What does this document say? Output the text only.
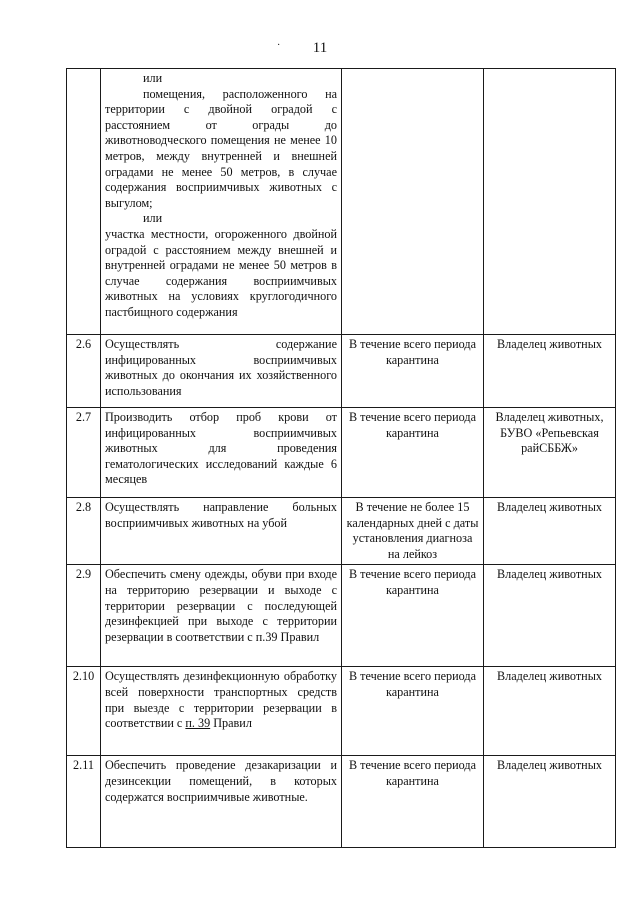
11
·

	или

помещения, расположенного на территории с двойной оградой с расстоянием от ограды до животноводческого помещения не менее 10 метров, между внутренней и внешней оградами не менее 50 метров, в случае содержания восприимчивых животных с выгулом;

или

участка местности, огороженного двойной оградой с расстоянием между внешней и внутренней оградами не менее 50 метров в случае содержания восприимчивых животных на условиях круглогодичного пастбищного содержания		

2.6	Осуществлять содержание инфицированных восприимчивых животных до окончания их хозяйственного использования	В течение всего периода карантина	Владелец животных
2.7	Производить отбор проб крови от инфицированных восприимчивых животных для проведения гематологических исследований каждые 6 месяцев	В течение всего периода карантина	Владелец животных, БУВО «Репьевская райСББЖ»
2.8	Осуществлять направление больных восприимчивых животных на убой	В течение не более 15 календарных дней с даты установления диагноза на лейкоз	Владелец животных
2.9	Обеспечить смену одежды, обуви при входе на территорию резервации и выходе с территории резервации с последующей дезинфекцией при выходе с территории резервации в соответствии с п.39 Правил	В течение всего периода карантина	Владелец животных
2.10	Осуществлять дезинфекционную обработку всей поверхности транспортных средств при выезде с территории резервации в соответствии с п. 39 Правил	В течение всего периода карантина	Владелец животных
2.11	Обеспечить проведение дезакаризации и дезинсекции помещений, в которых содержатся восприимчивые животные.	В течение всего периода карантина	Владелец животных
